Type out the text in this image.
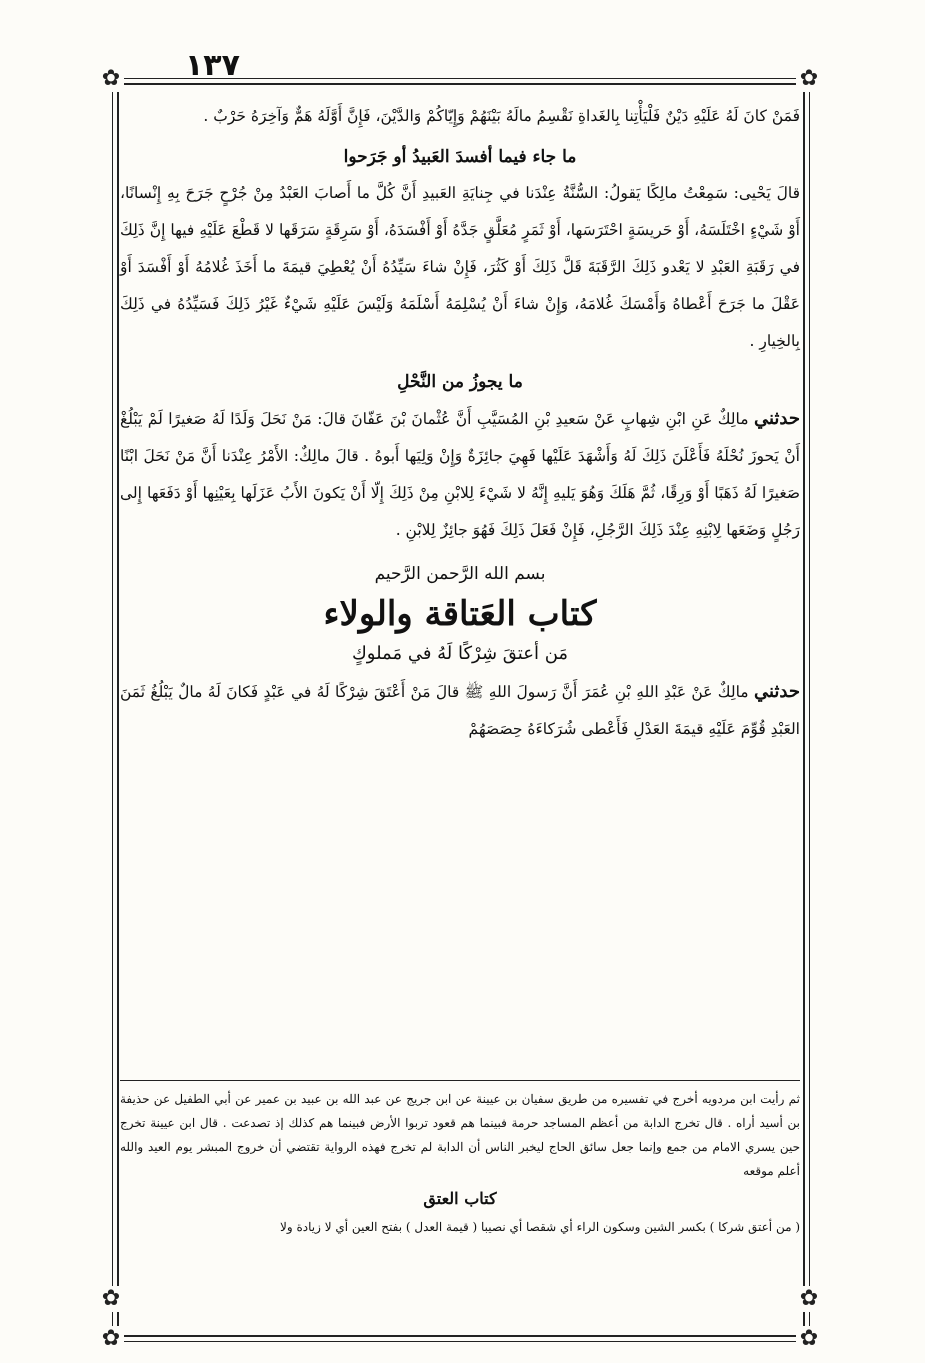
١٣٧
✿	✿
✿	✿
✿	✿

فَمَنْ كانَ لَهُ عَلَيْهِ دَيْنٌ فَلْيَأْتِنا بِالغَداةِ نَقْسِمُ مالَهُ بَيْنَهُمْ وَإِيّاكُمْ وَالدَّيْنَ، فَإِنَّ أَوَّلَهُ هَمٌّ وَآخِرَهُ حَرْبٌ .

ما جاء فيما أفسدَ العَبيدُ أو جَرَحوا

قالَ يَحْيى: سَمِعْتُ مالِكًا يَقولُ: السُّنَّةُ عِنْدَنا في جِنايَةِ العَبيدِ أَنَّ كُلَّ ما أَصابَ العَبْدُ مِنْ جُرْحٍ جَرَحَ بِهِ إِنْسانًا، أَوْ شَيْءٍ اخْتَلَسَهُ، أَوْ حَريسَةٍ احْتَرَسَها، أَوْ ثَمَرٍ مُعَلَّقٍ جَدَّهُ أَوْ أَفْسَدَهُ، أَوْ سَرِقَةٍ سَرَقَها لا قَطْعَ عَلَيْهِ فيها إِنَّ ذَلِكَ في رَقَبَةِ العَبْدِ لا يَعْدو ذَلِكَ الرَّقَبَةَ قَلَّ ذَلِكَ أَوْ كَثُرَ، فَإِنْ شاءَ سَيِّدُهُ أَنْ يُعْطِيَ قيمَةَ ما أَخَذَ غُلامُهُ أَوْ أَفْسَدَ أَوْ عَقْلَ ما جَرَحَ أَعْطاهُ وَأَمْسَكَ غُلامَهُ، وَإِنْ شاءَ أَنْ يُسْلِمَهُ أَسْلَمَهُ وَلَيْسَ عَلَيْهِ شَيْءٌ غَيْرُ ذَلِكَ فَسَيِّدُهُ في ذَلِكَ بِالخِيارِ .

ما يجوزُ من النَّحْلِ

حدثني مالِكٌ عَنِ ابْنِ شِهابٍ عَنْ سَعيدِ بْنِ المُسَيَّبِ أَنَّ عُثْمانَ بْنَ عَفّانَ قالَ: مَنْ نَحَلَ وَلَدًا لَهُ صَغيرًا لَمْ يَبْلُغْ أَنْ يَحوزَ نُحْلَهُ فَأَعْلَنَ ذَلِكَ لَهُ وَأَشْهَدَ عَلَيْها فَهِيَ جائِزَةٌ وَإِنْ وَلِيَها أَبوهُ . قالَ مالِكٌ: الأَمْرُ عِنْدَنا أَنَّ مَنْ نَحَلَ ابْنًا صَغيرًا لَهُ ذَهَبًا أَوْ وَرِقًا، ثُمَّ هَلَكَ وَهُوَ يَليهِ إِنَّهُ لا شَيْءَ لِلابْنِ مِنْ ذَلِكَ إِلّا أَنْ يَكونَ الأَبُ عَزَلَها بِعَيْنِها أَوْ دَفَعَها إِلى رَجُلٍ وَضَعَها لِابْنِهِ عِنْدَ ذَلِكَ الرَّجُلِ، فَإِنْ فَعَلَ ذَلِكَ فَهُوَ جائِزٌ لِلابْنِ .

بسم الله الرَّحمن الرَّحيم
كتاب العَتاقة والولاء
مَن أعتقَ شِرْكًا لَهُ في مَملوكٍ

حدثني مالِكٌ عَنْ عَبْدِ اللهِ بْنِ عُمَرَ أَنَّ رَسولَ اللهِ ﷺ قالَ مَنْ أَعْتَقَ شِرْكًا لَهُ في عَبْدٍ فَكانَ لَهُ مالٌ يَبْلُغُ ثَمَنَ العَبْدِ قُوِّمَ عَلَيْهِ قيمَةَ العَدْلِ فَأَعْطى شُرَكاءَهُ حِصَصَهُمْ

ثم رأيت ابن مردويه أخرج في تفسيره من طريق سفيان بن عيينة عن ابن جريج عن عبد الله بن عبيد بن عمير عن أبي الطفيل عن حذيفة بن أسيد أراه . قال تخرج الدابة من أعظم المساجد حرمة فبينما هم قعود تربوا الأرض فبينما هم كذلك إذ تصدعت . قال ابن عيينة تخرج حين يسري الامام من جمع وإنما جعل سائق الحاج ليخبر الناس أن الدابة لم تخرج فهذه الرواية تقتضي أن خروج المبشر يوم العيد والله أعلم موقعه

كتاب العتق

( من أعتق شركا ) بكسر الشين وسكون الراء أي شقصا أي نصيبا ( قيمة العدل ) بفتح العين أي لا زيادة ولا
